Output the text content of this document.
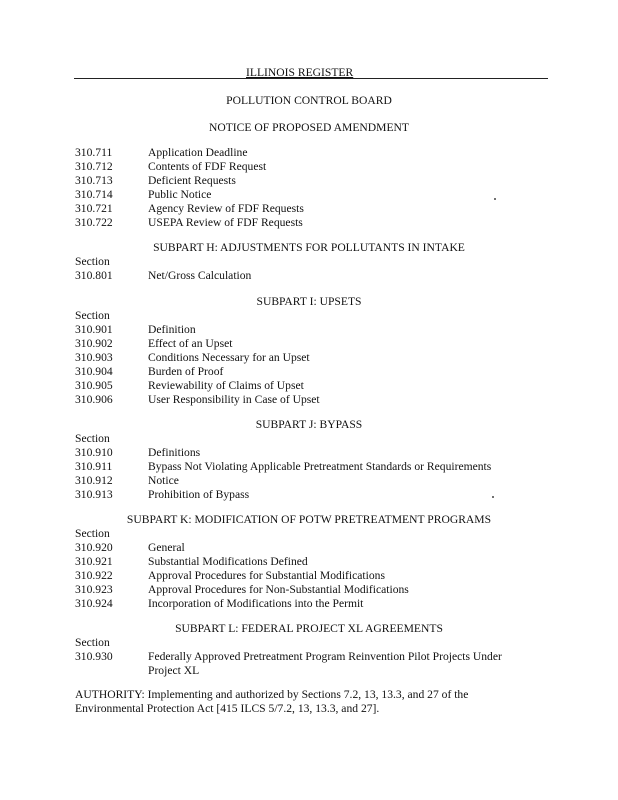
ILLINOIS REGISTER
POLLUTION CONTROL BOARD
NOTICE OF PROPOSED AMENDMENT
310.711	Application Deadline
310.712	Contents of FDF Request
310.713	Deficient Requests
310.714	Public Notice
310.721	Agency Review of FDF Requests
310.722	USEPA Review of FDF Requests
SUBPART H: ADJUSTMENTS FOR POLLUTANTS IN INTAKE
Section
310.801	Net/Gross Calculation
SUBPART I: UPSETS
Section
310.901	Definition
310.902	Effect of an Upset
310.903	Conditions Necessary for an Upset
310.904	Burden of Proof
310.905	Reviewability of Claims of Upset
310.906	User Responsibility in Case of Upset
SUBPART J: BYPASS
Section
310.910	Definitions
310.911	Bypass Not Violating Applicable Pretreatment Standards or Requirements
310.912	Notice
310.913	Prohibition of Bypass
SUBPART K: MODIFICATION OF POTW PRETREATMENT PROGRAMS
Section
310.920	General
310.921	Substantial Modifications Defined
310.922	Approval Procedures for Substantial Modifications
310.923	Approval Procedures for Non-Substantial Modifications
310.924	Incorporation of Modifications into the Permit
SUBPART L: FEDERAL PROJECT XL AGREEMENTS
Section
310.930	Federally Approved Pretreatment Program Reinvention Pilot Projects Under
Project XL
AUTHORITY: Implementing and authorized by Sections 7.2, 13, 13.3, and 27 of the
Environmental Protection Act [415 ILCS 5/7.2, 13, 13.3, and 27].
